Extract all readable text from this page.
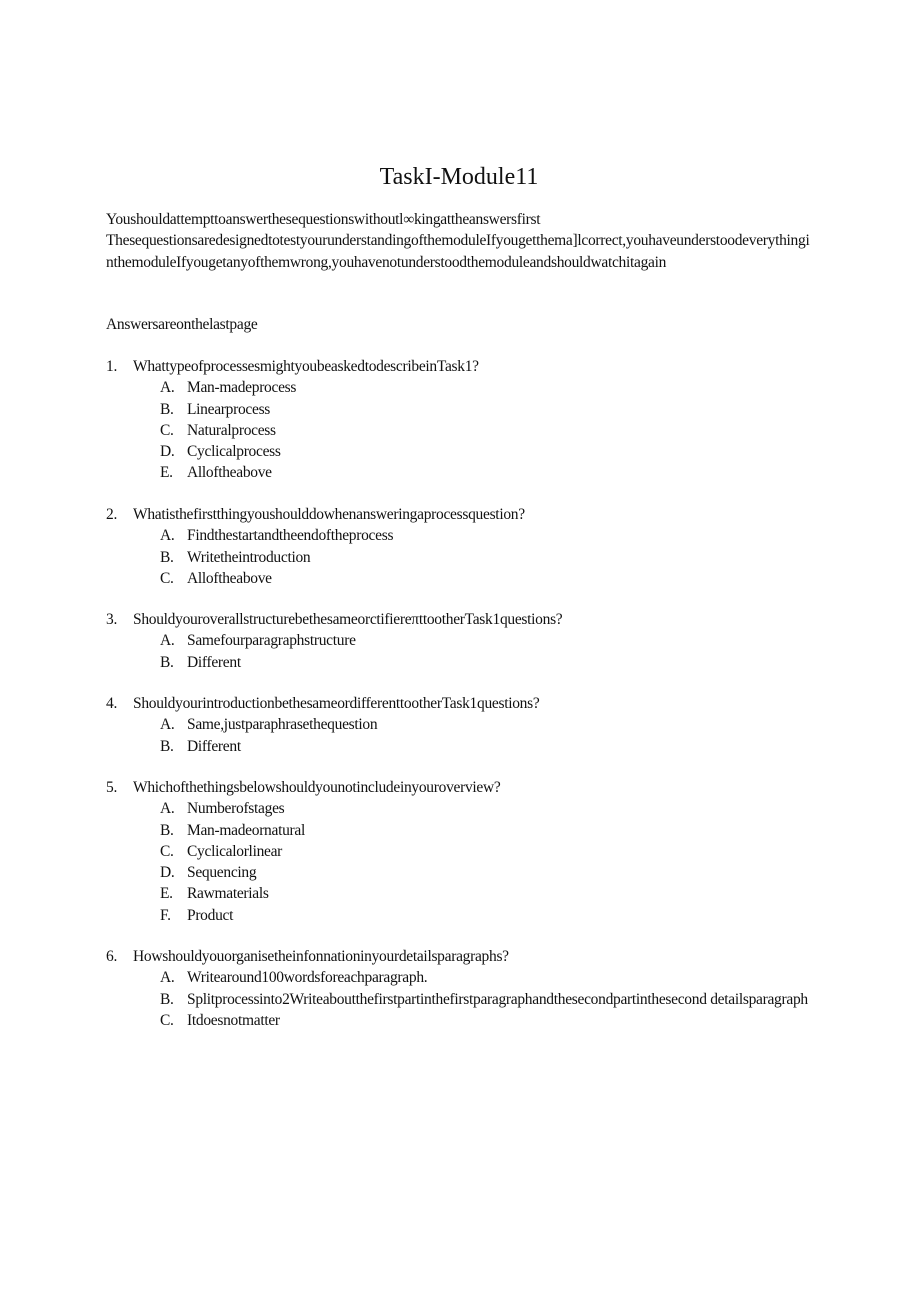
TaskI-Module11

Youshouldattempttoanswerthesequestionswithoutl∞kingattheanswersfirst

ThesequestionsaredesignedtotestyourunderstandingofthemoduleIfyougetthema]lcorrect,youhaveunderstoodeverythinginthemoduleIfyougetanyofthemwrong,youhavenotunderstoodthemoduleandshouldwatchitagain

Answersareonthelastpage

1.	WhattypeofprocessesmightyoubeaskedtodescribeinTask1?
A. Man-madeprocess
B. Linearprocess
C. Naturalprocess
D. Cyclicalprocess
E. Alloftheabove
2.	Whatisthefirstthingyoushoulddowhenansweringaprocessquestion?
A. Findthestartandtheendoftheprocess
B. Writetheintroduction
C. Alloftheabove
3.	ShouldyouroverallstructurebethesameorctifiereπttootherTask1questions?
A. Samefourparagraphstructure
B. Different
4.	ShouldyourintroductionbethesameordifferenttootherTask1questions?
A. Same,justparaphrasethequestion
B. Different
5.	Whichofthethingsbelowshouldyounotincludeinyouroverview?
A. Numberofstages
B. Man-madeornatural
C. Cyclicalorlinear
D. Sequencing
E. Rawmaterials
F.	Product
6.	Howshouldyouorganisetheinfonnationinyourdetailsparagraphs?
A. Writearound100wordsforeachparagraph.
B. Splitprocessinto2Writeaboutthefirstpartinthefirstparagraphandthesecondpartinthesecond detailsparagraph
C. Itdoesnotmatter
